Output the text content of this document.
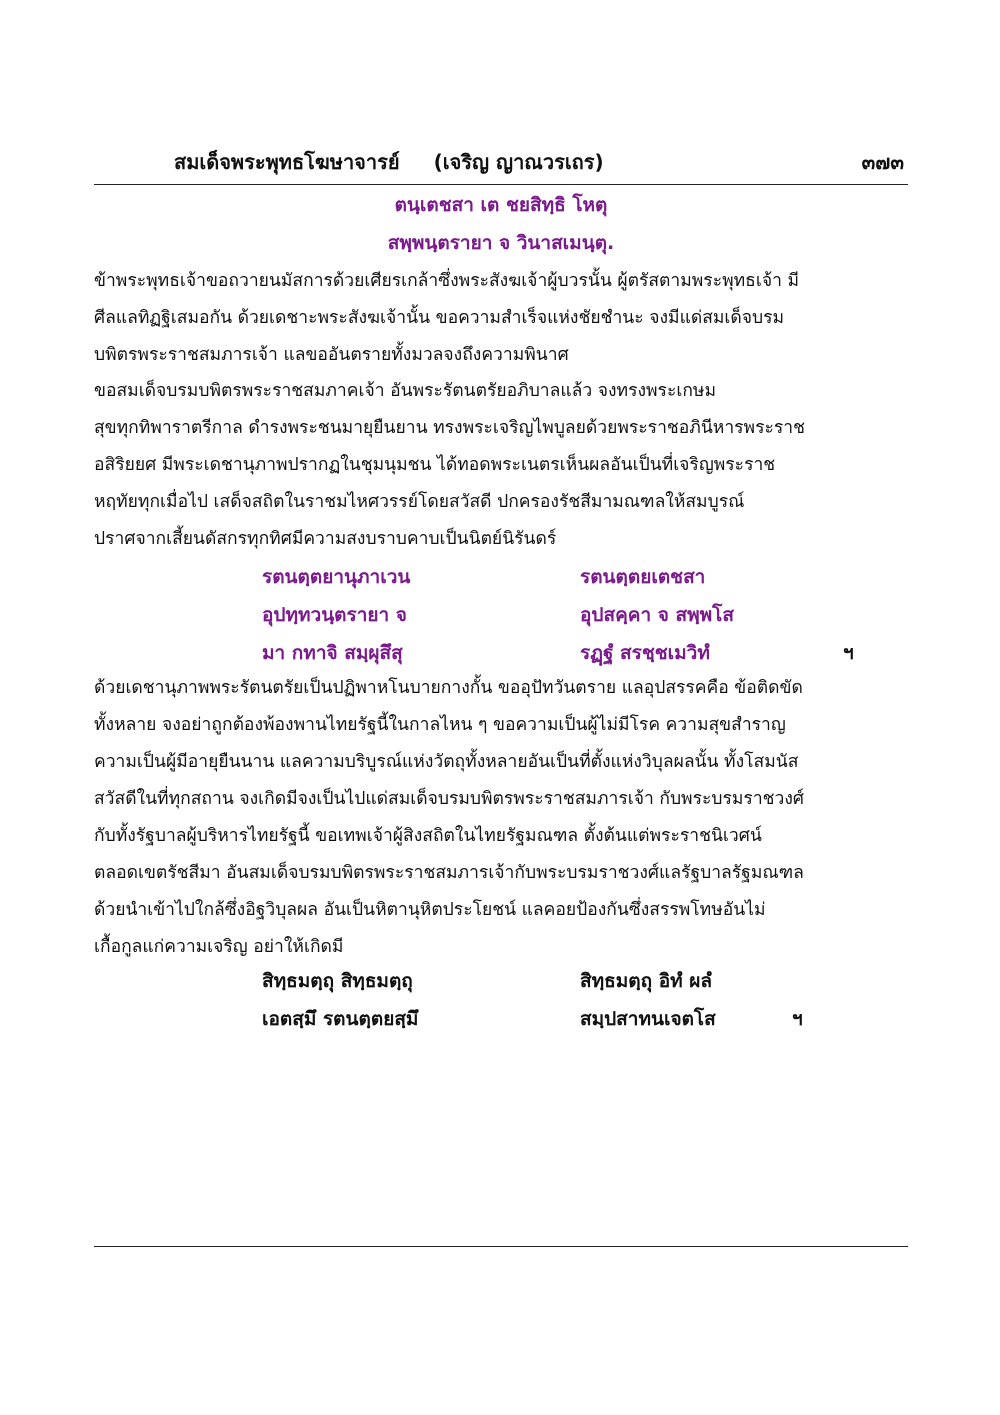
สมเด็จพระพุทธโฆษาจารย์ (เจริญ ญาณวรเถร)	๓๗๓
ตนฺเตชสา เต ชยสิทฺธิ โหตุ
สพฺพนฺตรายา จ วินาสเมนฺตุ.
ข้าพระพุทธเจ้าขอถวายนมัสการด้วยเศียรเกล้าซึ่งพระสังฆเจ้าผู้บวรนั้น ผู้ตรัสตามพระพุทธเจ้า มี
ศีลแลทิฏฐิเสมอกัน ด้วยเดชาะพระสังฆเจ้านั้น ขอความสำเร็จแห่งชัยชำนะ จงมีแด่สมเด็จบรม
บพิตรพระราชสมภารเจ้า แลขออันตรายทั้งมวลจงถึงความพินาศ
ขอสมเด็จบรมบพิตรพระราชสมภาคเจ้า อันพระรัตนตรัยอภิบาลแล้ว จงทรงพระเกษม
สุขทุกทิพาราตรีกาล ดำรงพระชนมายุยืนยาน ทรงพระเจริญไพบูลยด้วยพระราชอภินีหารพระราช
อสิริยยศ มีพระเดชานุภาพปรากฏในชุมนุมชน ได้ทอดพระเนตรเห็นผลอันเป็นที่เจริญพระราช
หฤทัยทุกเมื่อไป เสด็จสถิตในราชมไหศวรรย์โดยสวัสดี ปกครองรัชสีมามณฑลให้สมบูรณ์
ปราศจากเสี้ยนดัสกรทุกทิศมีความสงบราบคาบเป็นนิตย์นิรันดร์
รตนตฺตยานุภาเวน	รตนตฺตยเตชสา
อุปทฺทวนฺตรายา จ	อุปสคฺคา จ สพฺพโส
มา กทาจิ สมฺผุสึสุ	รฏฺฐํ สรชฺชเมวิทํ	ฯ
ด้วยเดชานุภาพพระรัตนตรัยเป็นปฏิพาหโนบายกางกั้น ขออุปัทวันตราย แลอุปสรรคคือ ข้อติดขัด
ทั้งหลาย จงอย่าถูกต้องพ้องพานไทยรัฐนี้ในกาลไหน ๆ ขอความเป็นผู้ไม่มีโรค ความสุขสำราญ
ความเป็นผู้มีอายุยืนนาน แลความบริบูรณ์แห่งวัตถุทั้งหลายอันเป็นที่ตั้งแห่งวิบุลผลนั้น ทั้งโสมนัส
สวัสดีในที่ทุกสถาน จงเกิดมีจงเป็นไปแด่สมเด็จบรมบพิตรพระราชสมภารเจ้า กับพระบรมราชวงศ์
กับทั้งรัฐบาลผู้บริหารไทยรัฐนี้ ขอเทพเจ้าผู้สิงสถิตในไทยรัฐมณฑล ตั้งต้นแต่พระราชนิเวศน์
ตลอดเขตรัชสีมา อันสมเด็จบรมบพิตรพระราชสมภารเจ้ากับพระบรมราชวงศ์แลรัฐบาลรัฐมณฑล
ด้วยนำเข้าไปใกล้ซึ่งอิฐวิบุลผล อันเป็นหิตานุหิตประโยชน์ แลคอยป้องกันซึ่งสรรพโทษอันไม่
เกื้อกูลแก่ความเจริญ อย่าให้เกิดมี
สิทฺธมตฺถุ สิทฺธมตฺถุ	สิทฺธมตฺถุ อิทํ ผลํ
เอตสฺมึ รตนตฺตยสฺมึ	สมฺปสาทนเจตโส	ฯ
